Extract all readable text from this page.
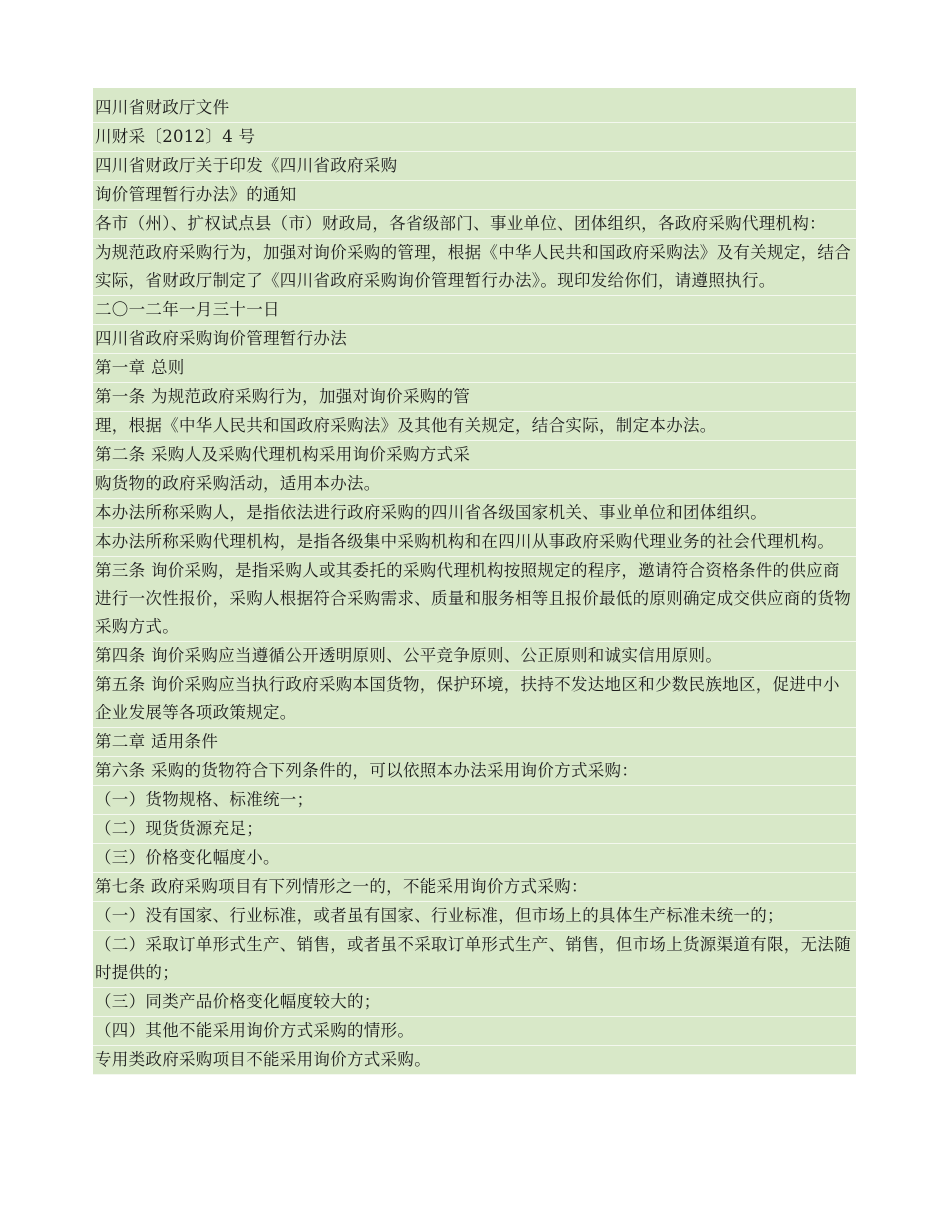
四川省财政厅文件

川财采〔2012〕4 号

四川省财政厅关于印发《四川省政府采购

询价管理暂行办法》的通知

各市（州）、扩权试点县（市）财政局，各省级部门、事业单位、团体组织，各政府采购代理机构：

为规范政府采购行为，加强对询价采购的管理，根据《中华人民共和国政府采购法》及有关规定，结合实际，省财政厅制定了《四川省政府采购询价管理暂行办法》。现印发给你们，请遵照执行。

二〇一二年一月三十一日

四川省政府采购询价管理暂行办法

第一章 总则

第一条 为规范政府采购行为，加强对询价采购的管

理，根据《中华人民共和国政府采购法》及其他有关规定，结合实际，制定本办法。

第二条 采购人及采购代理机构采用询价采购方式采

购货物的政府采购活动，适用本办法。

本办法所称采购人，是指依法进行政府采购的四川省各级国家机关、事业单位和团体组织。

本办法所称采购代理机构，是指各级集中采购机构和在四川从事政府采购代理业务的社会代理机构。

第三条 询价采购，是指采购人或其委托的采购代理机构按照规定的程序，邀请符合资格条件的供应商进行一次性报价，采购人根据符合采购需求、质量和服务相等且报价最低的原则确定成交供应商的货物采购方式。

第四条 询价采购应当遵循公开透明原则、公平竞争原则、公正原则和诚实信用原则。

第五条 询价采购应当执行政府采购本国货物，保护环境，扶持不发达地区和少数民族地区，促进中小企业发展等各项政策规定。

第二章 适用条件

第六条 采购的货物符合下列条件的，可以依照本办法采用询价方式采购：

（一）货物规格、标准统一；

（二）现货货源充足；

（三）价格变化幅度小。

第七条 政府采购项目有下列情形之一的，不能采用询价方式采购：

（一）没有国家、行业标准，或者虽有国家、行业标准，但市场上的具体生产标准未统一的；

（二）采取订单形式生产、销售，或者虽不采取订单形式生产、销售，但市场上货源渠道有限，无法随时提供的；

（三）同类产品价格变化幅度较大的；

（四）其他不能采用询价方式采购的情形。

专用类政府采购项目不能采用询价方式采购。
